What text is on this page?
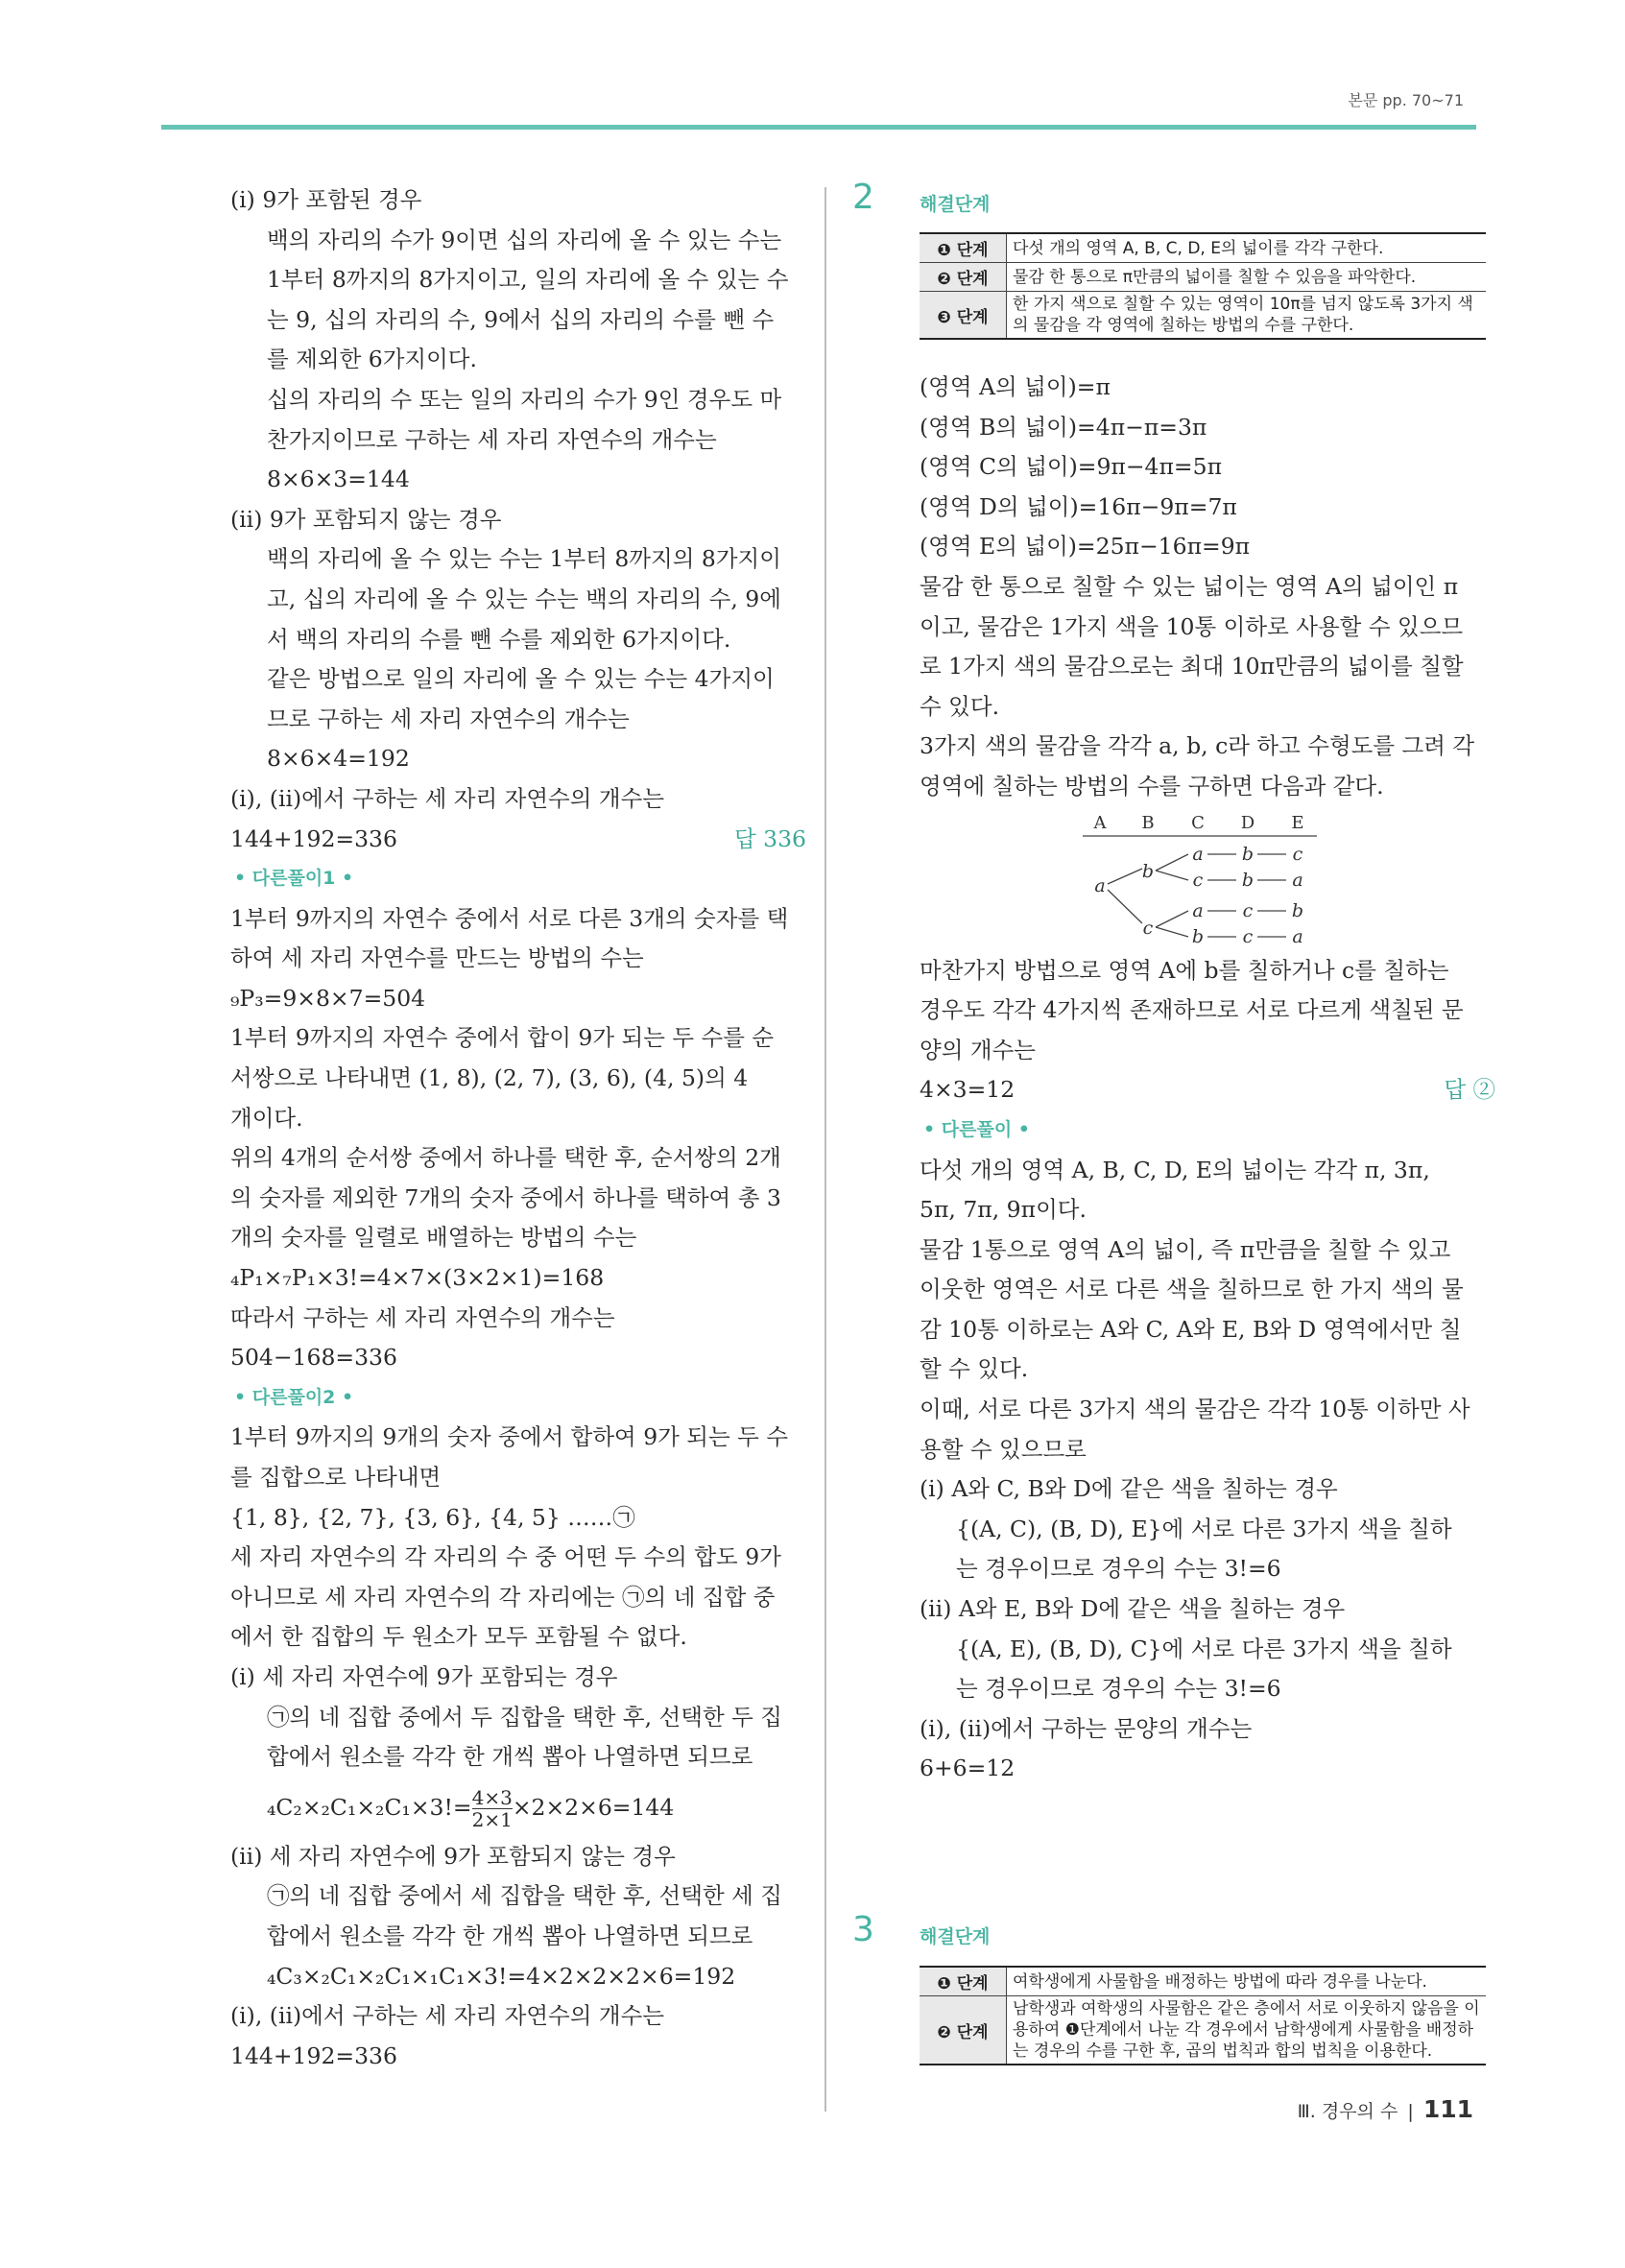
본문 pp. 70~71
(ⅰ) 9가 포함된 경우
백의 자리의 수가 9이면 십의 자리에 올 수 있는 수는
1부터 8까지의 8가지이고, 일의 자리에 올 수 있는 수
는 9, 십의 자리의 수, 9에서 십의 자리의 수를 뺀 수
를 제외한 6가지이다.
십의 자리의 수 또는 일의 자리의 수가 9인 경우도 마
찬가지이므로 구하는 세 자리 자연수의 개수는
8×6×3=144
(ⅱ) 9가 포함되지 않는 경우
백의 자리에 올 수 있는 수는 1부터 8까지의 8가지이
고, 십의 자리에 올 수 있는 수는 백의 자리의 수, 9에
서 백의 자리의 수를 뺀 수를 제외한 6가지이다.
같은 방법으로 일의 자리에 올 수 있는 수는 4가지이
므로 구하는 세 자리 자연수의 개수는
8×6×4=192
(ⅰ), (ⅱ)에서 구하는 세 자리 자연수의 개수는
144+192=336	답 336
• 다른풀이1 •
1부터 9까지의 자연수 중에서 서로 다른 3개의 숫자를 택
하여 세 자리 자연수를 만드는 방법의 수는
₉P₃=9×8×7=504
1부터 9까지의 자연수 중에서 합이 9가 되는 두 수를 순
서쌍으로 나타내면 (1, 8), (2, 7), (3, 6), (4, 5)의 4
개이다.
위의 4개의 순서쌍 중에서 하나를 택한 후, 순서쌍의 2개
의 숫자를 제외한 7개의 숫자 중에서 하나를 택하여 총 3
개의 숫자를 일렬로 배열하는 방법의 수는
₄P₁×₇P₁×3!=4×7×(3×2×1)=168
따라서 구하는 세 자리 자연수의 개수는
504−168=336
• 다른풀이2 •
1부터 9까지의 9개의 숫자 중에서 합하여 9가 되는 두 수
를 집합으로 나타내면
{1, 8}, {2, 7}, {3, 6}, {4, 5} ……㉠
세 자리 자연수의 각 자리의 수 중 어떤 두 수의 합도 9가
아니므로 세 자리 자연수의 각 자리에는 ㉠의 네 집합 중
에서 한 집합의 두 원소가 모두 포함될 수 없다.
(ⅰ) 세 자리 자연수에 9가 포함되는 경우
㉠의 네 집합 중에서 두 집합을 택한 후, 선택한 두 집
합에서 원소를 각각 한 개씩 뽑아 나열하면 되므로
$_4C_2\times_2C_1\times_2C_1\times 3!= \frac{4\times 3}{2\times 1} \times 2\times 2\times 6=144$
(ⅱ) 세 자리 자연수에 9가 포함되지 않는 경우
㉠의 네 집합 중에서 세 집합을 택한 후, 선택한 세 집
합에서 원소를 각각 한 개씩 뽑아 나열하면 되므로
₄C₃×₂C₁×₂C₁×₁C₁×3!=4×2×2×2×6=192
(ⅰ), (ⅱ)에서 구하는 세 자리 자연수의 개수는
144+192=336
2 해결단계
❶ 단계	다섯 개의 영역 A, B, C, D, E의 넓이를 각각 구한다.
❷ 단계	물감 한 통으로 π만큼의 넓이를 칠할 수 있음을 파악한다.
❸ 단계	한 가지 색으로 칠할 수 있는 영역이 10π를 넘지 않도록 3가지 색의 물감을 각 영역에 칠하는 방법의 수를 구한다.
(영역 A의 넓이)=π
(영역 B의 넓이)=4π−π=3π
(영역 C의 넓이)=9π−4π=5π
(영역 D의 넓이)=16π−9π=7π
(영역 E의 넓이)=25π−16π=9π
물감 한 통으로 칠할 수 있는 넓이는 영역 A의 넓이인 π
이고, 물감은 1가지 색을 10통 이하로 사용할 수 있으므
로 1가지 색의 물감으로는 최대 10π만큼의 넓이를 칠할
수 있다.
3가지 색의 물감을 각각 a, b, c라 하고 수형도를 그려 각
영역에 칠하는 방법의 수를 구하면 다음과 같다.
A B C D E
a
b
a b c
c b a
c
a c b
b c a
마찬가지 방법으로 영역 A에 b를 칠하거나 c를 칠하는
경우도 각각 4가지씩 존재하므로 서로 다르게 색칠된 문
양의 개수는
4×3=12	답 ②
• 다른풀이 •
다섯 개의 영역 A, B, C, D, E의 넓이는 각각 π, 3π,
5π, 7π, 9π이다.
물감 1통으로 영역 A의 넓이, 즉 π만큼을 칠할 수 있고
이웃한 영역은 서로 다른 색을 칠하므로 한 가지 색의 물
감 10통 이하로는 A와 C, A와 E, B와 D 영역에서만 칠
할 수 있다.
이때, 서로 다른 3가지 색의 물감은 각각 10통 이하만 사
용할 수 있으므로
(ⅰ) A와 C, B와 D에 같은 색을 칠하는 경우
{(A, C), (B, D), E}에 서로 다른 3가지 색을 칠하
는 경우이므로 경우의 수는 3!=6
(ⅱ) A와 E, B와 D에 같은 색을 칠하는 경우
{(A, E), (B, D), C}에 서로 다른 3가지 색을 칠하
는 경우이므로 경우의 수는 3!=6
(ⅰ), (ⅱ)에서 구하는 문양의 개수는
6+6=12
3 해결단계
❶ 단계	여학생에게 사물함을 배정하는 방법에 따라 경우를 나눈다.
❷ 단계	남학생과 여학생의 사물함은 같은 층에서 서로 이웃하지 않음을 이용하여 ❶단계에서 나눈 각 경우에서 남학생에게 사물함을 배정하는 경우의 수를 구한 후, 곱의 법칙과 합의 법칙을 이용한다.
Ⅲ. 경우의 수 | 111
